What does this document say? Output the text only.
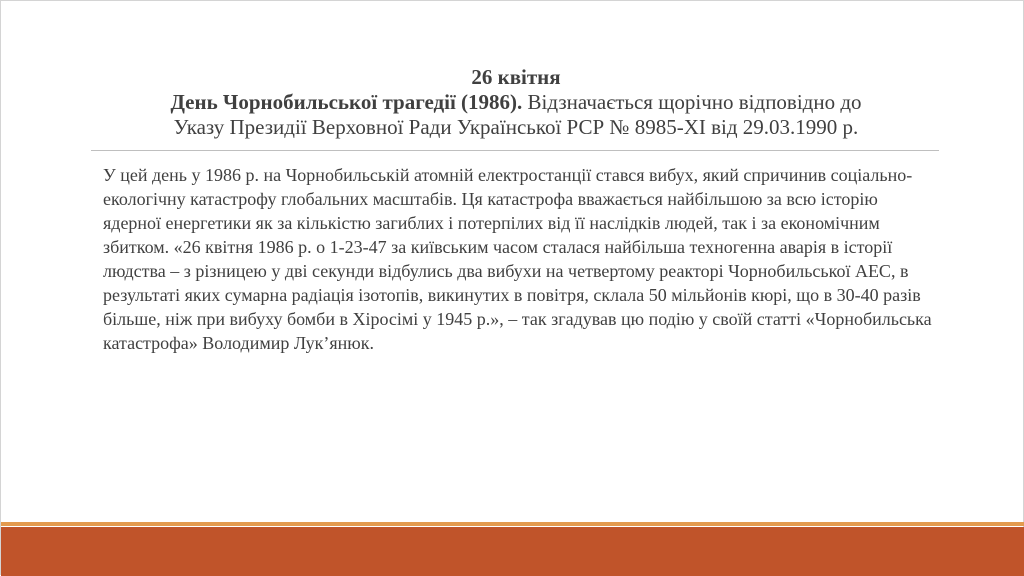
26 квітня
День Чорнобильської трагедії (1986). Відзначається щорічно відповідно до
Указу Президії Верховної Ради Української РСР № 8985-XI від 29.03.1990 р.

У цей день у 1986 р. на Чорнобильській атомній електростанції стався вибух, який спричинив соціально-екологічну катастрофу глобальних масштабів. Ця катастрофа вважається найбільшою за всю історію ядерної енергетики як за кількістю загиблих і потерпілих від її наслідків людей, так і за економічним збитком. «26 квітня 1986 р. о 1-23-47 за київським часом сталася найбільша техногенна аварія в історії людства – з різницею у дві секунди відбулись два вибухи на четвертому реакторі Чорнобильської АЕС, в результаті яких сумарна радіація ізотопів, викинутих в повітря, склала 50 мільйонів кюрі, що в 30-40 разів більше, ніж при вибуху бомби в Хіросімі у 1945 р.», – так згадував цю подію у своїй статті «Чорнобильська катастрофа» Володимир Лук’янюк.
